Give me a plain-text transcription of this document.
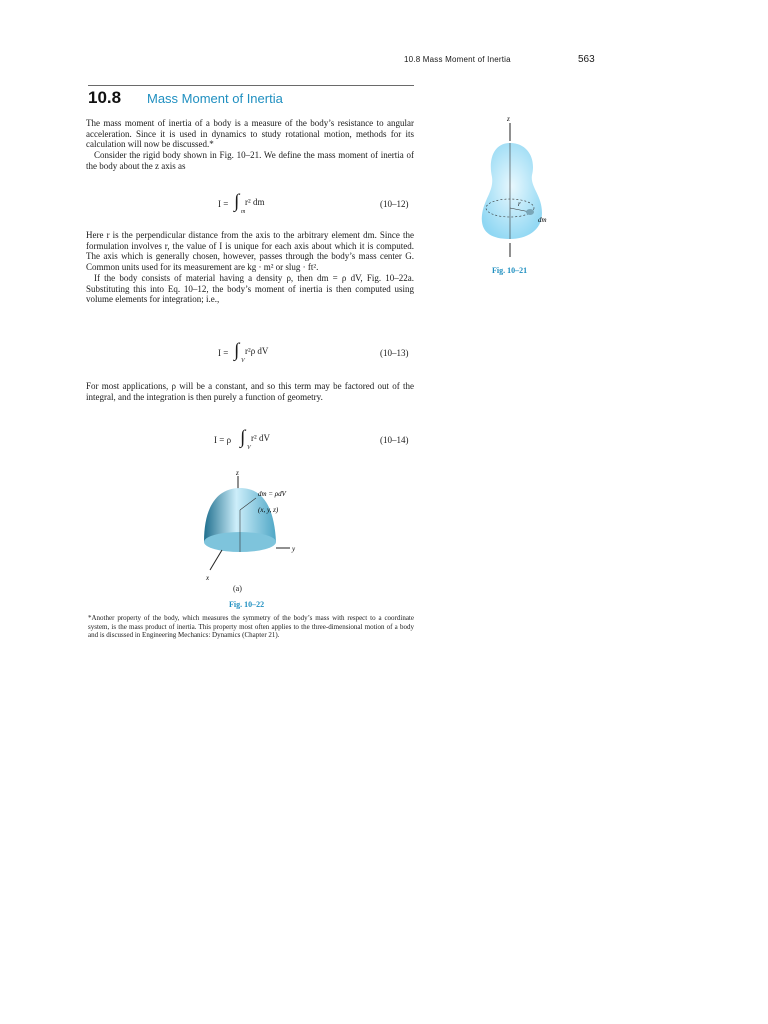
10.8 Mass Moment of Inertia	563
10.8 Mass Moment of Inertia

The mass moment of inertia of a body is a measure of the body’s resistance to angular acceleration. Since it is used in dynamics to study rotational motion, methods for its calculation will now be discussed.*

Consider the rigid body shown in Fig. 10–21. We define the mass moment of inertia of the body about the z axis as

I = ∫ r² dm
m
(10–12)

Here r is the perpendicular distance from the axis to the arbitrary element dm. Since the formulation involves r, the value of I is unique for each axis about which it is computed. The axis which is generally chosen, however, passes through the body’s mass center G. Common units used for its measurement are kg · m² or slug · ft².

If the body consists of material having a density ρ, then dm = ρ dV, Fig. 10–22a. Substituting this into Eq. 10–12, the body’s moment of inertia is then computed using volume elements for integration; i.e.,

I = ∫ r²ρ dV
V
(10–13)

For most applications, ρ will be a constant, and so this term may be factored out of the integral, and the integration is then purely a function of geometry.

I = ρ ∫ r² dV
V
(10–14)
z
r
dm
Fig. 10–21
z
dm = ρdV
(x, y, z)
y
x
(a)
Fig. 10–22

*Another property of the body, which measures the symmetry of the body’s mass with respect to a coordinate system, is the mass product of inertia. This property most often applies to the three-dimensional motion of a body and is discussed in Engineering Mechanics: Dynamics (Chapter 21).
